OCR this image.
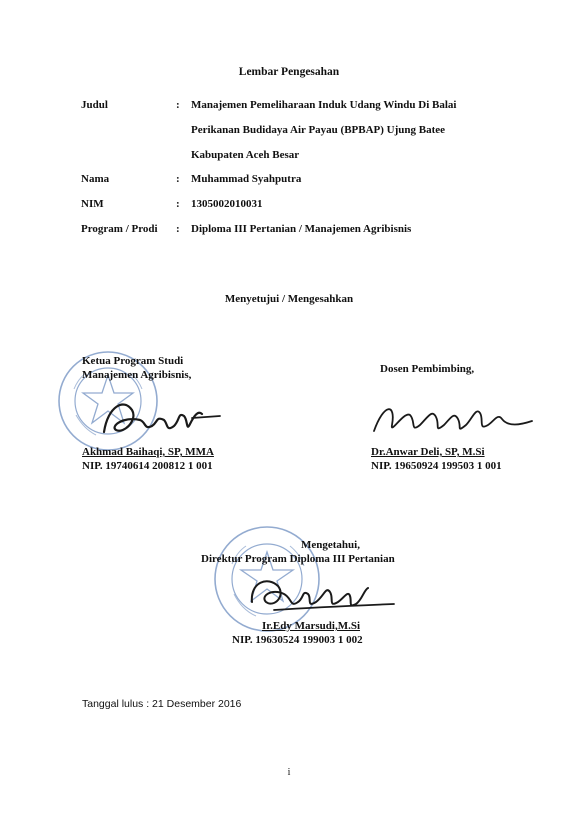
Lembar Pengesahan
Judul	: Manajemen Pemeliharaan Induk Udang Windu Di Balai
Perikanan Budidaya Air Payau (BPBAP) Ujung Batee
Kabupaten Aceh Besar
Nama	: Muhammad Syahputra
NIM	: 1305002010031
Program / Prodi : Diploma III Pertanian / Manajemen Agribisnis
Menyetujui / Mengesahkan
Ketua Program Studi
Manajemen Agribisnis,
Akhmad Baihaqi, SP, MMA
NIP. 19740614 200812 1 001
Dosen Pembimbing,
Dr.Anwar Deli, SP, M.Si
NIP. 19650924 199503 1 001
Mengetahui,
Direktur Program Diploma III Pertanian
Ir.Edy Marsudi,M.Si
NIP. 19630524 199003 1 002
Tanggal lulus : 21 Desember 2016
i
